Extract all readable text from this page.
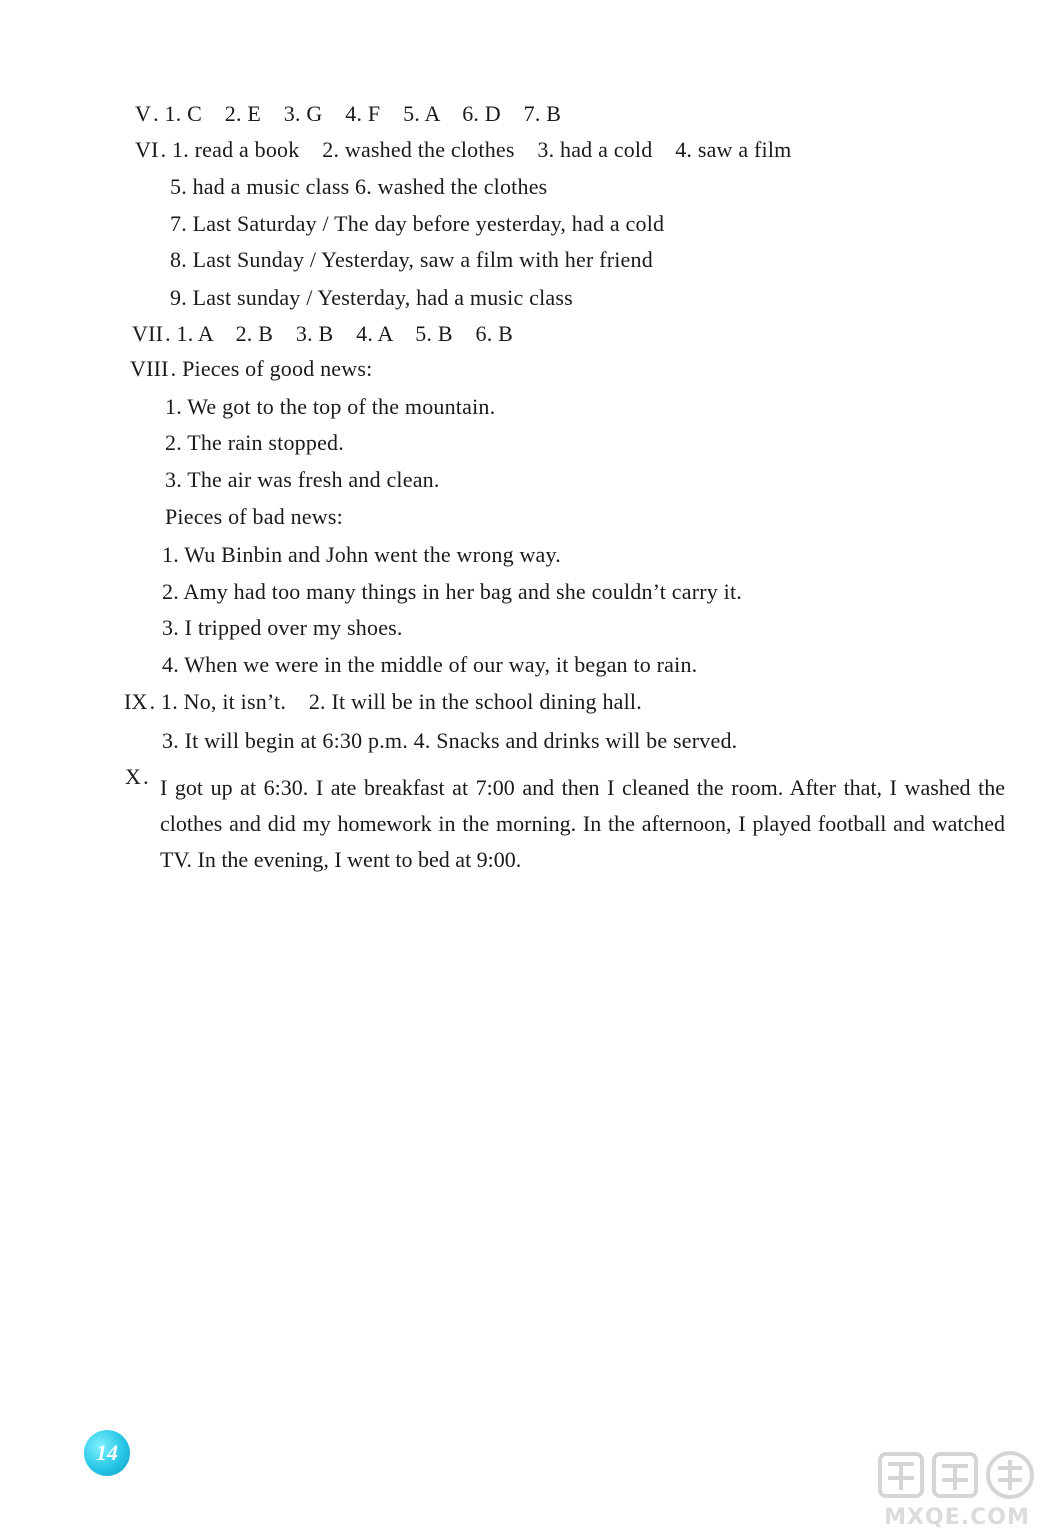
V. 1. C    2. E    3. G    4. F    5. A    6. D    7. B
VI. 1. read a book    2. washed the clothes    3. had a cold    4. saw a film
5. had a music class 6. washed the clothes
7. Last Saturday / The day before yesterday, had a cold
8. Last Sunday / Yesterday, saw a film with her friend
9. Last sunday / Yesterday, had a music class
VII. 1. A    2. B    3. B    4. A    5. B    6. B
VIII. Pieces of good news:
1. We got to the top of the mountain.
2. The rain stopped.
3. The air was fresh and clean.
Pieces of bad news:
1. Wu Binbin and John went the wrong way.
2. Amy had too many things in her bag and she couldn’t carry it.
3. I tripped over my shoes.
4. When we were in the middle of our way, it began to rain.
IX. 1. No, it isn’t.    2. It will be in the school dining hall.
3. It will begin at 6:30 p.m. 4. Snacks and drinks will be served.
X. I got up at 6:30. I ate breakfast at 7:00 and then I cleaned the room. After that, I washed the clothes and did my homework in the morning. In the afternoon, I played football and watched TV. In the evening, I went to bed at 9:00.
14
MXQE.COM
